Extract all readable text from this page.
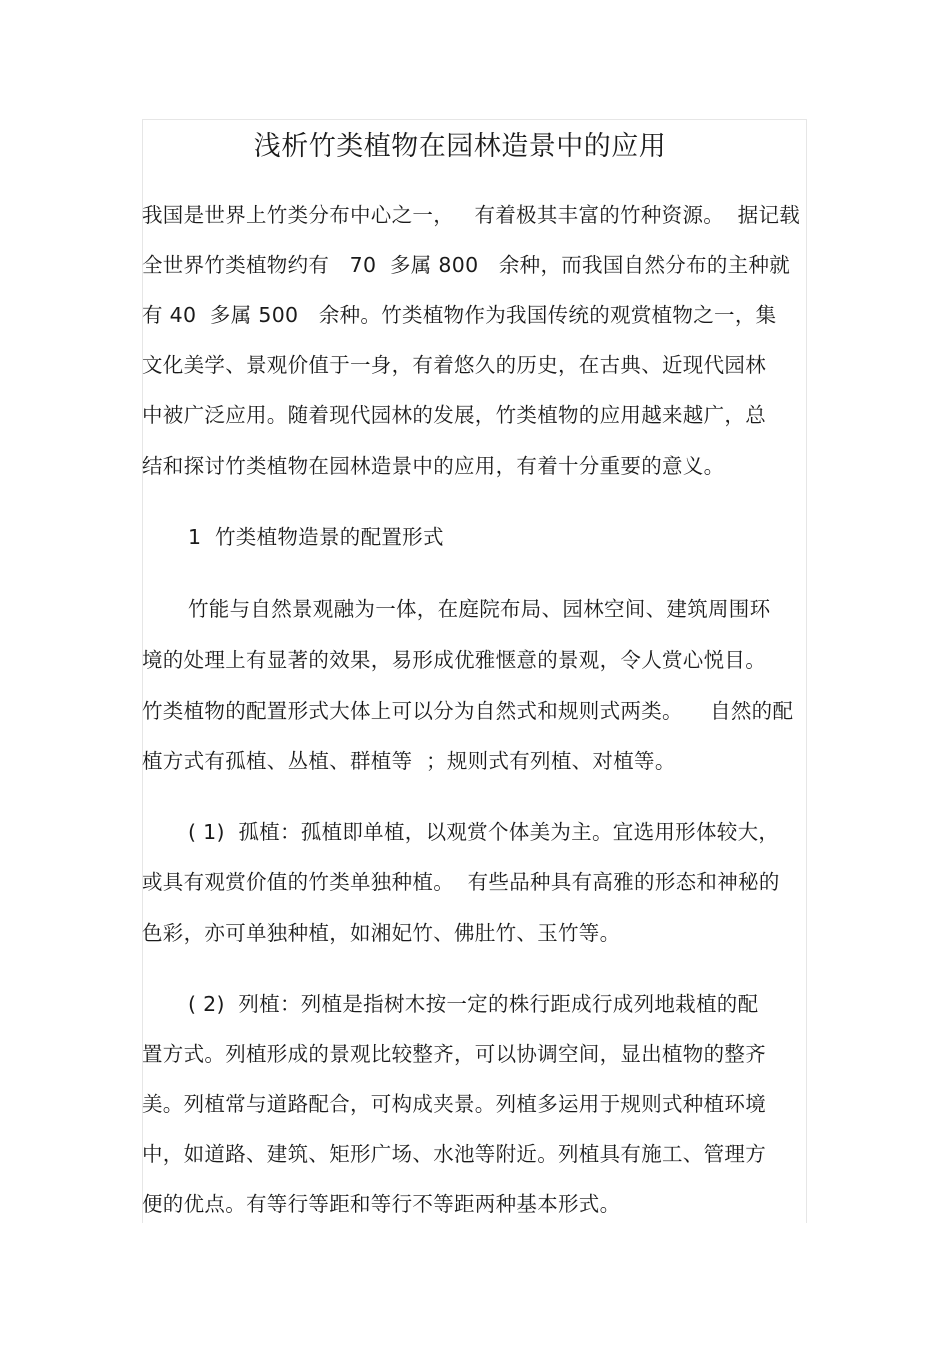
浅析竹类植物在园林造景中的应用
我国是世界上竹类分布中心之一，   有着极其丰富的竹种资源。  据记载
全世界竹类植物约有   70  多属 800   余种，而我国自然分布的主种就
有 40  多属 500   余种。竹类植物作为我国传统的观赏植物之一，集
文化美学、景观价值于一身，有着悠久的历史，在古典、近现代园林
中被广泛应用。随着现代园林的发展，竹类植物的应用越来越广，总
结和探讨竹类植物在园林造景中的应用，有着十分重要的意义。
1  竹类植物造景的配置形式
竹能与自然景观融为一体，在庭院布局、园林空间、建筑周围环
境的处理上有显著的效果，易形成优雅惬意的景观，令人赏心悦目。
竹类植物的配置形式大体上可以分为自然式和规则式两类。    自然的配
植方式有孤植、丛植、群植等  ；规则式有列植、对植等。
( 1)  孤植：孤植即单植，以观赏个体美为主。宜选用形体较大，
或具有观赏价值的竹类单独种植。  有些品种具有高雅的形态和神秘的
色彩，亦可单独种植，如湘妃竹、佛肚竹、玉竹等。
( 2)  列植：列植是指树木按一定的株行距成行成列地栽植的配
置方式。列植形成的景观比较整齐，可以协调空间，显出植物的整齐
美。列植常与道路配合，可构成夹景。列植多运用于规则式种植环境
中，如道路、建筑、矩形广场、水池等附近。列植具有施工、管理方
便的优点。有等行等距和等行不等距两种基本形式。
